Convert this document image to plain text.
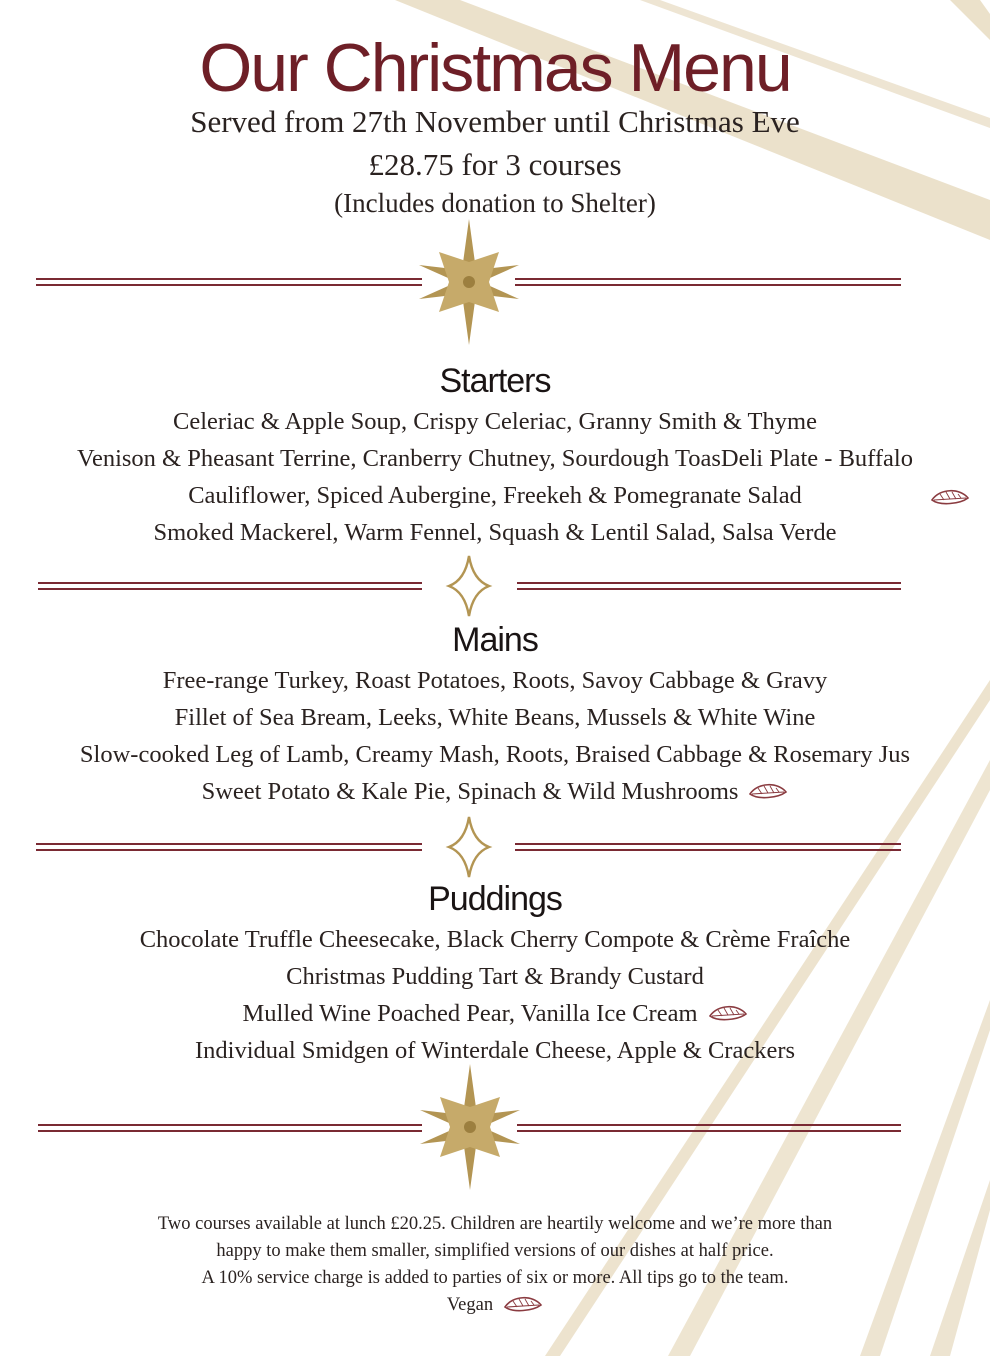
Our Christmas Menu
Served from 27th November until Christmas Eve
£28.75 for 3 courses
(Includes donation to Shelter)
Starters
Celeriac & Apple Soup, Crispy Celeriac, Granny Smith & Thyme
Venison & Pheasant Terrine, Cranberry Chutney, Sourdough ToasDeli Plate - Buffalo
Cauliflower, Spiced Aubergine, Freekeh & Pomegranate Salad
Smoked Mackerel, Warm Fennel, Squash & Lentil Salad, Salsa Verde
Mains
Free-range Turkey, Roast Potatoes, Roots, Savoy Cabbage & Gravy
Fillet of Sea Bream, Leeks, White Beans, Mussels & White Wine
Slow-cooked Leg of Lamb, Creamy Mash, Roots, Braised Cabbage & Rosemary Jus
Sweet Potato & Kale Pie, Spinach & Wild Mushrooms
Puddings
Chocolate Truffle Cheesecake, Black Cherry Compote & Crème Fraîche
Christmas Pudding Tart & Brandy Custard
Mulled Wine Poached Pear, Vanilla Ice Cream
Individual Smidgen of Winterdale Cheese, Apple & Crackers
Two courses available at lunch £20.25. Children are heartily welcome and we’re more than
happy to make them smaller, simplified versions of our dishes at half price.
A 10% service charge is added to parties of six or more. All tips go to the team.
Vegan
